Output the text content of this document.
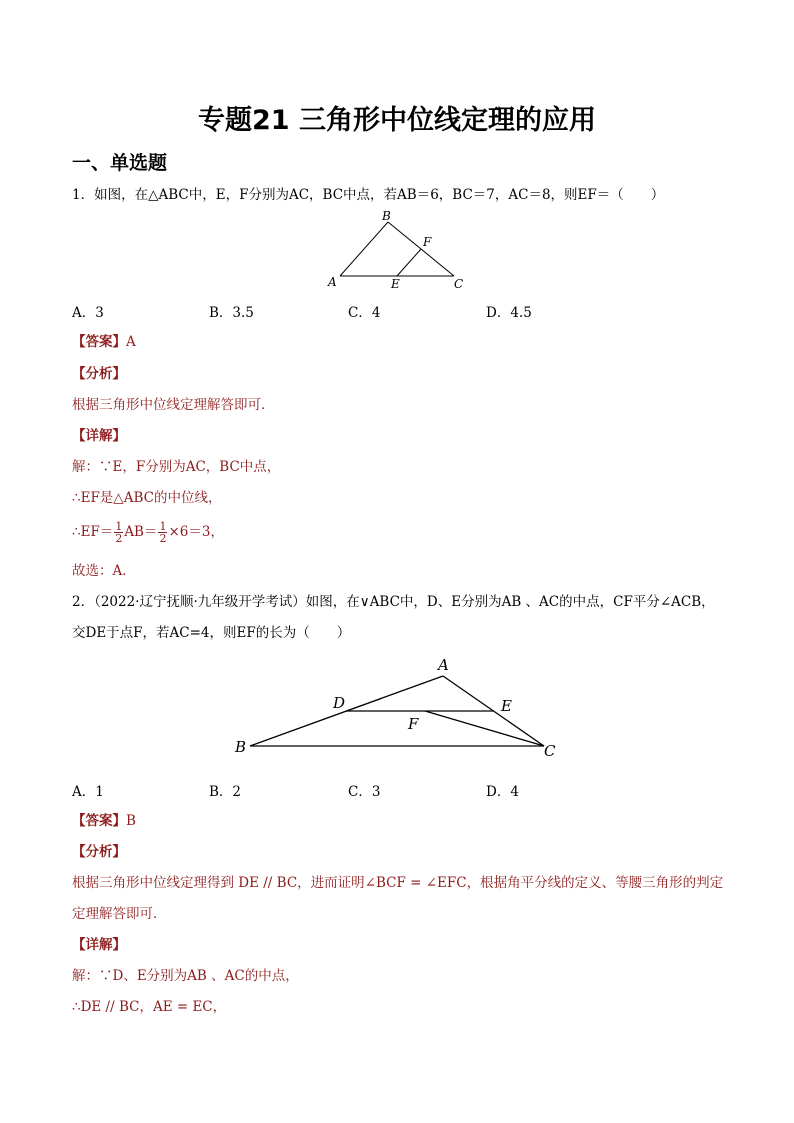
专题21 三角形中位线定理的应用
一、单选题
1．如图，在△ABC中，E，F分别为AC，BC中点，若AB＝6，BC＝7，AC＝8，则EF＝（　　）
B
F
A	E	C
A．3	B．3.5	C．4	D．4.5
【答案】A
【分析】
根据三角形中位线定理解答即可．
【详解】
解：∵E，F分别为AC，BC中点，
∴EF是△ABC的中位线，
∴EF＝ $\frac{1}{2} AB= \frac{1}{2} \times 6=3$，
故选：A．
2．（2022·辽宁抚顺·九年级开学考试）如图，在∨ABC中，D、E分别为AB 、AC的中点，CF平分∠ACB，
交DE于点F，若AC=4，则EF的长为（　　）
A
D	E
F
B	C
A．1	B．2	C．3	D．4
【答案】B
【分析】
根据三角形中位线定理得到 DE // BC，进而证明∠BCF = ∠EFC，根据角平分线的定义、等腰三角形的判定
定理解答即可．
【详解】
解：∵D、E分别为AB 、AC的中点，
∴DE // BC，AE = EC，
